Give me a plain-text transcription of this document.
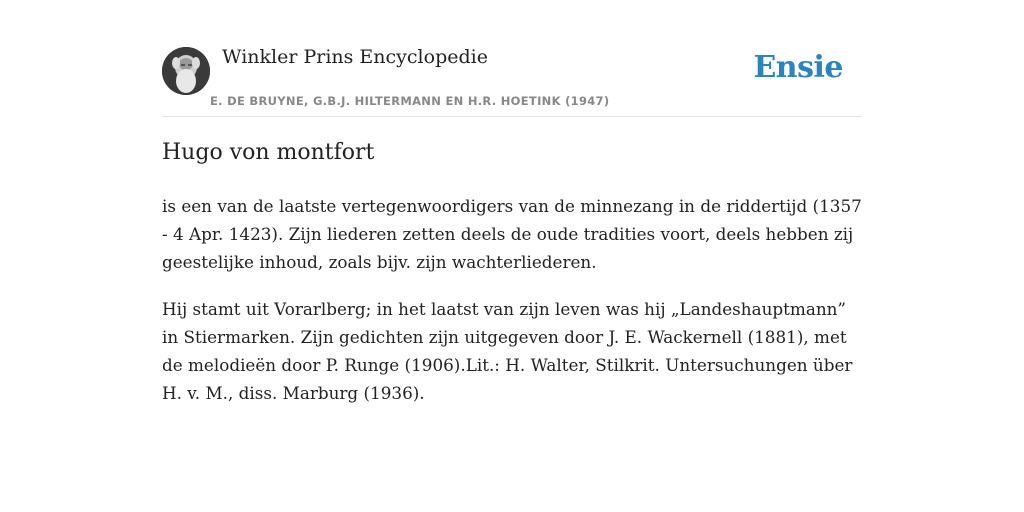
Winkler Prins Encyclopedie
E. DE BRUYNE, G.B.J. HILTERMANN EN H.R. HOETINK (1947)
Ensie
Hugo von montfort

is een van de laatste vertegenwoordigers van de minnezang in de riddertijd (1357 - 4 Apr. 1423). Zijn liederen zetten deels de oude tradities voort, deels hebben zij geestelijke inhoud, zoals bijv. zijn wachterliederen.

Hij stamt uit Vorarlberg; in het laatst van zijn leven was hij „Landeshauptmann” in Stiermarken. Zijn gedichten zijn uitgegeven door J. E. Wackernell (1881), met de melodieën door P. Runge (1906).Lit.: H. Walter, Stilkrit. Untersuchungen über H. v. M., diss. Marburg (1936).
